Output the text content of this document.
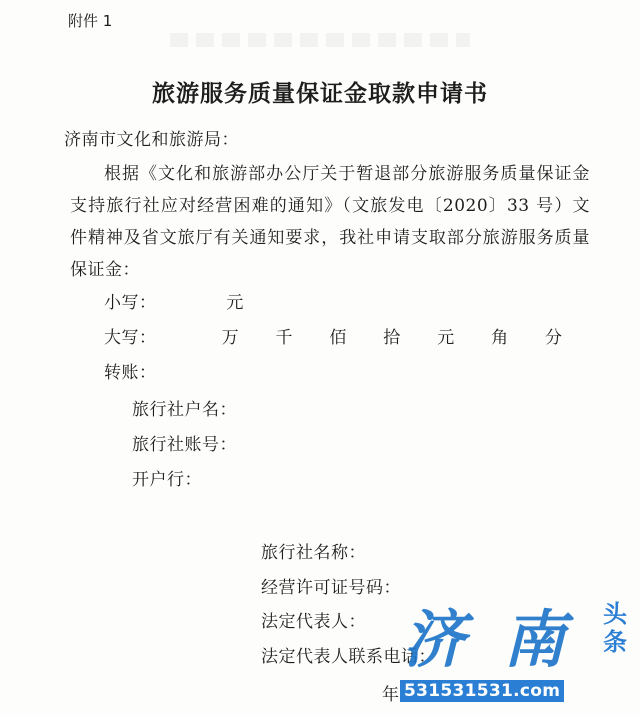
附件 1
旅游服务质量保证金取款申请书
济南市文化和旅游局：
根据《文化和旅游部办公厅关于暂退部分旅游服务质量保证金支持旅行社应对经营困难的通知》（文旅发电〔2020〕33 号）文件精神及省文旅厅有关通知要求，我社申请支取部分旅游服务质量保证金：
小写：	元
大写：	万 千 佰 拾 元 角 分
转账：
旅行社户名：
旅行社账号：
开户行：
旅行社名称：
经营许可证号码：
法定代表人：
法定代表人联系电话：
年
济 南	头
条
531531531.com
